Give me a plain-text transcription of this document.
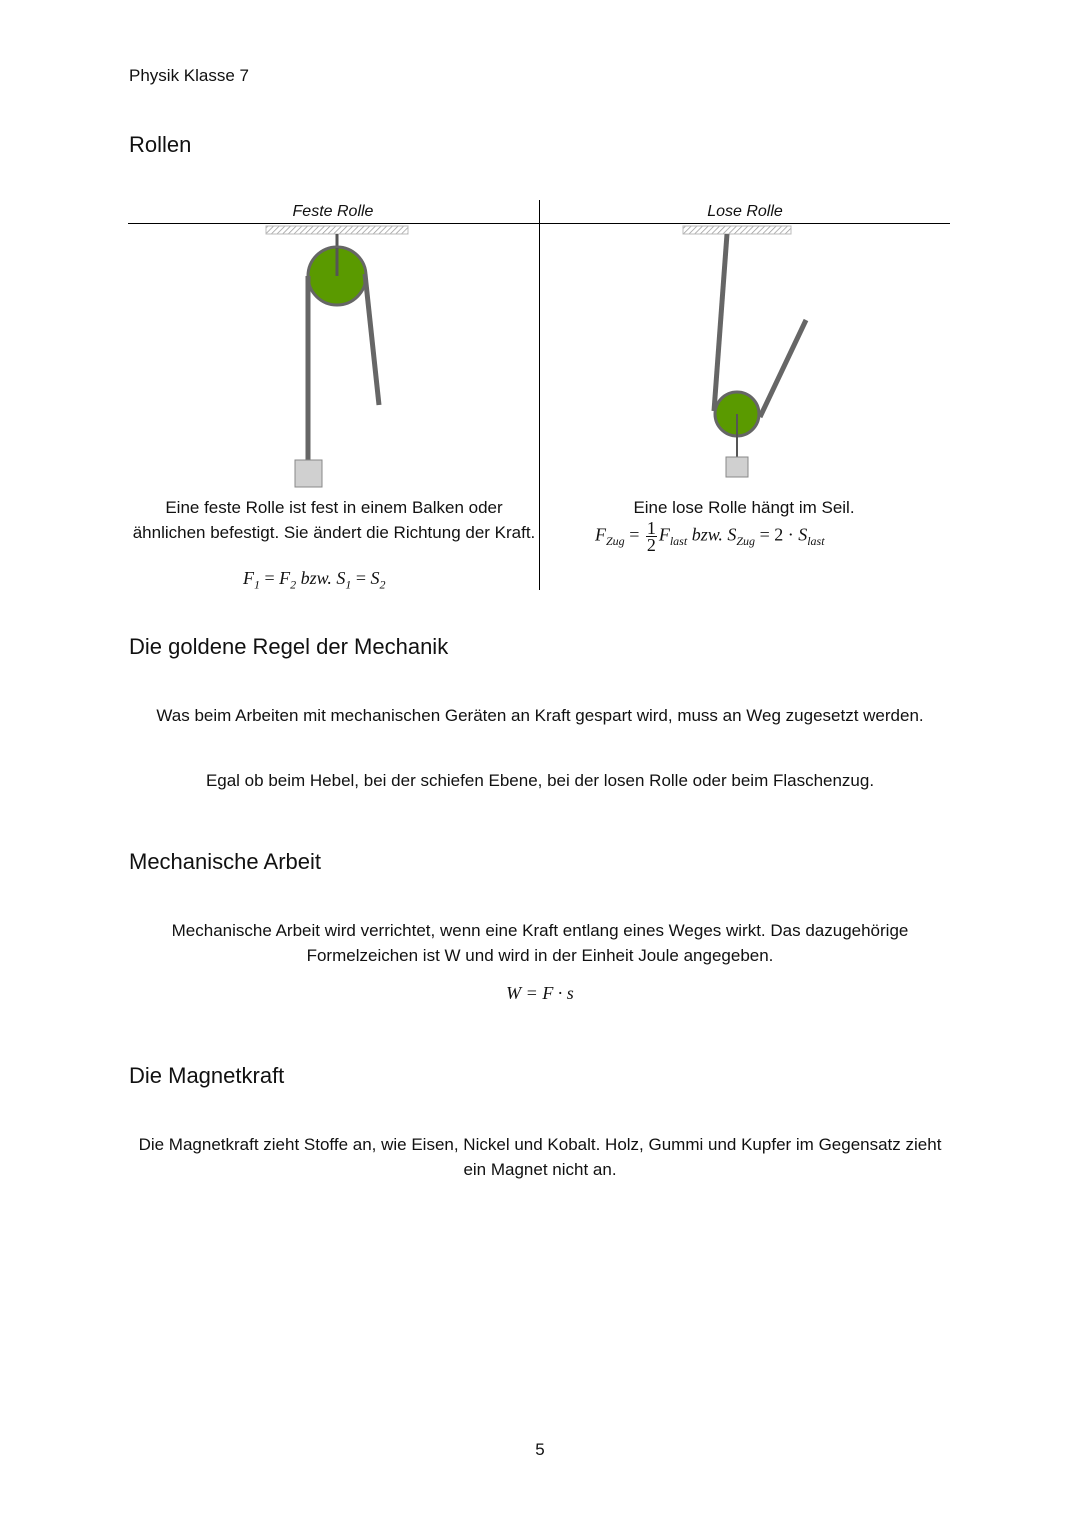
Physik Klasse 7
Rollen
Feste Rolle	Lose Rolle
Eine feste Rolle ist fest in einem Balken oder ähnlichen befestigt. Sie ändert die Richtung der Kraft.
$F_1 = F_2$ bzw. $S_1 = S_2$
Eine lose Rolle hängt im Seil.
$F_{Zug} = \frac{1}{2} F_{last}$ bzw. $S_{Zug} = 2 \cdot S_{last}$
Die goldene Regel der Mechanik
Was beim Arbeiten mit mechanischen Geräten an Kraft gespart wird, muss an Weg zugesetzt werden.
Egal ob beim Hebel, bei der schiefen Ebene, bei der losen Rolle oder beim Flaschenzug.
Mechanische Arbeit
Mechanische Arbeit wird verrichtet, wenn eine Kraft entlang eines Weges wirkt. Das dazugehörige Formelzeichen ist W und wird in der Einheit Joule angegeben.
W = F · s
Die Magnetkraft
Die Magnetkraft zieht Stoffe an, wie Eisen, Nickel und Kobalt. Holz, Gummi und Kupfer im Gegensatz zieht ein Magnet nicht an.
5
